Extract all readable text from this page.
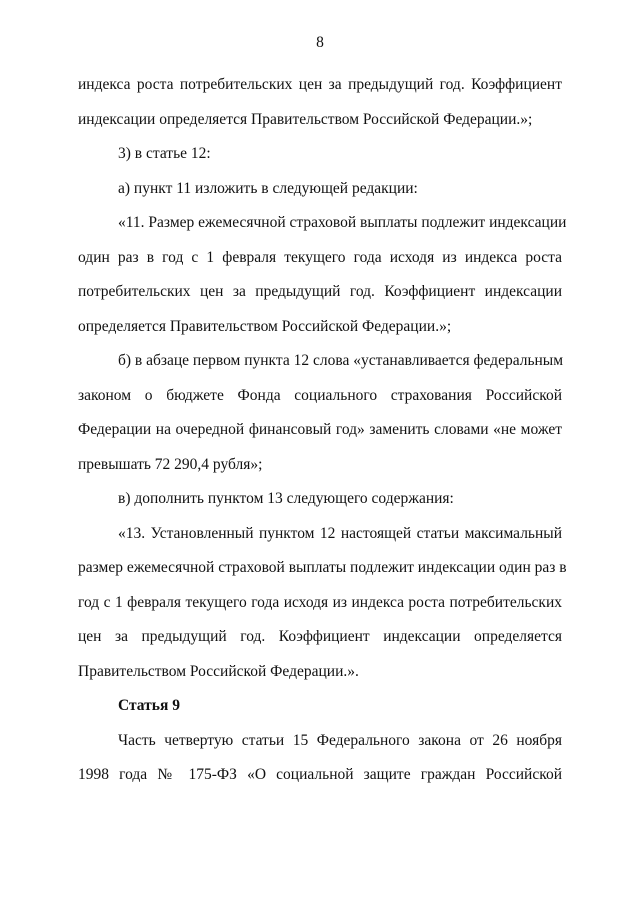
8
индекса роста потребительских цен за предыдущий год. Коэффициент
индексации определяется Правительством Российской Федерации.»;
3) в статье 12:
а) пункт 11 изложить в следующей редакции:
«11. Размер ежемесячной страховой выплаты подлежит индексации
один раз в год с 1 февраля текущего года исходя из индекса роста
потребительских цен за предыдущий год. Коэффициент индексации
определяется Правительством Российской Федерации.»;
б) в абзаце первом пункта 12 слова «устанавливается федеральным
законом о бюджете Фонда социального страхования Российской
Федерации на очередной финансовый год» заменить словами «не может
превышать 72 290,4 рубля»;
в) дополнить пунктом 13 следующего содержания:
«13. Установленный пунктом 12 настоящей статьи максимальный
размер ежемесячной страховой выплаты подлежит индексации один раз в
год с 1 февраля текущего года исходя из индекса роста потребительских
цен за предыдущий год. Коэффициент индексации определяется
Правительством Российской Федерации.».
Статья 9
Часть четвертую статьи 15 Федерального закона от 26 ноября
1998 года № 175-ФЗ «О социальной защите граждан Российской
